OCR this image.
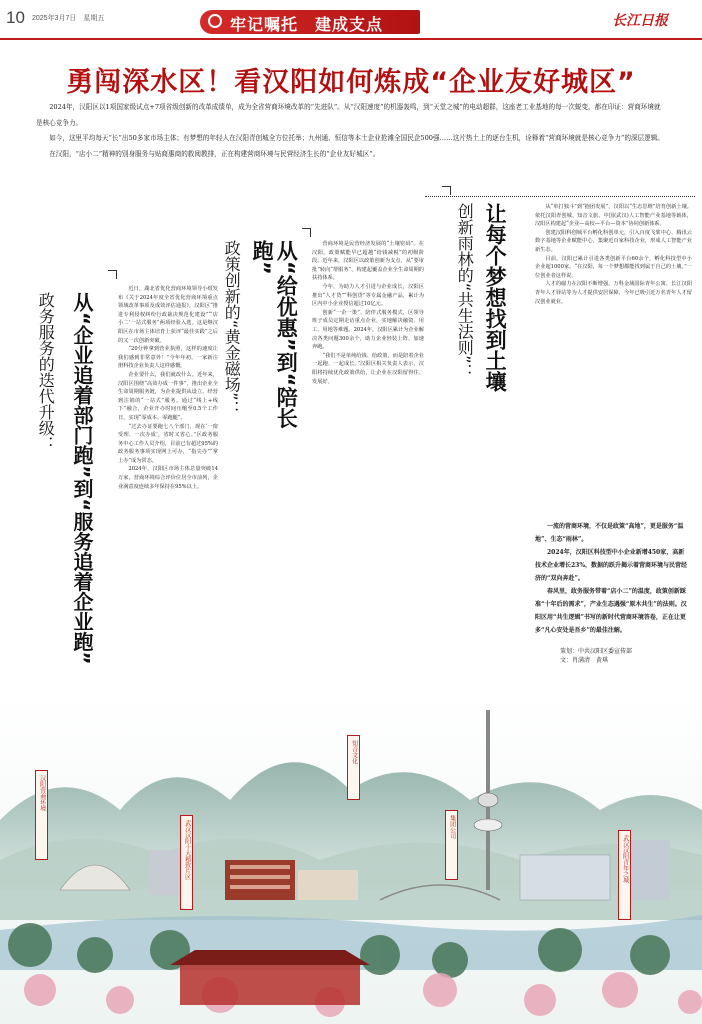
10 2025年3月7日　星期五	牢记嘱托　建成支点	长江日报
勇闯深水区！看汉阳如何炼成“企业友好城区”

2024年，汉阳区以1项国家级试点+7项省级创新的改革成绩单，成为全省营商环境改革的“先进队”。从“汉阳速度”的机器轰鸣，到“天堂之城”的电动超群，这座老工业基地的每一次蜕变，都在印证：营商环境就是核心竞争力。

如今，这里平均每天“长”出50多家市场主体；有梦想的年轻人在汉阳青创城全方位托举；九州通、恒信等本土企业抢滩全国民企500强……这片热土上的逐台生机，诠释着“营商环境就是核心竞争力”的深层逻辑。

在汉阳，“店小二”精神的别身服务与贴商惠商的救阅教排，正在构建营商环境与民营经济生长的“企业友好城区”。

让每个梦想找到土壤
创新雨林的“共生法则”：	从“单打独斗”到“抱团发展”，汉阳以“生态思维”培育创新土壤。依托汉阳青创城、知音文旅、中国(武汉)人工智能产业基地等载体，汉阳区构建起“企业—高校—平台—资本”协同创新体系。

创建汉阳科创城平台孵化科创单元，引入百度飞桨中心、腾讯云数字基地等企业赋能中心，集聚近百家科技企业，形成人工智能产业新生态。

目前，汉阳已累计引进各类创新平台60余个，孵化科技型中小企业超1000家。“在汉阳，每一个梦想都能找到属于自己的土壤。”一位创业者这样说。

人才的磁力在汉阳不断增强。万科金域国际青年公寓、长江汉阳青年人才驿站等为人才提供安居保障，今年已吸引近万名青年人才留汉创业就业。

一流的营商环境，不仅是政策“高地”，更是服务“温地”、生态“雨林”。

2024年，汉阳区科技型中小企业新增450家，高新技术企业增长23%，数据的跃升揭示着营商环境与民营经济的“双向奔赴”。

春风里，政务服务带着“店小二”的温度，政策创新踩准“十年后的需求”，产业生态遇强“原木共生”的法则。汉阳区用“共生逻辑”书写的新时代营商环境答卷，正在让更多“凡心安处是吾乡”的最佳注解。

策划：中共汉阳区委宣传部
文：肖满清　黄琪
从“给优惠”到“陪长跑”
政策创新的“黄金磁场”：	营商环境是民营经济发展的“土壤密码”。在汉阳，政策赋能早已超越“给钱减税”的初级阶段。近年来，汉阳区以政策创新为支点，从“要审批”转向“帮服务”，构建起覆盖企业全生命周期的扶持体系。

今年，为助力人才引进与企业成长，汉阳区推出“人才贷”“科创贷”等专属金融产品，累计为区内中小企业授信超过10亿元。

创新“一企一策”、陪伴式服务模式，区领导班子成员定期走访重点企业，实地解决融资、用工、用地等难题。2024年，汉阳区累计为企业解决各类问题300余个，助力企业轻装上阵、加速奔跑。

“我们不是单纯给钱、给政策，而是陪着企业一起跑、一起成长。”汉阳区相关负责人表示，汉阳将持续优化政策供给，让企业在汉阳留得住、发展好。

从“企业追着部门跑”到“服务追着企业跑”
政务服务的迭代升级：

近日，湖北省优化营商环境领导小组发布《关于2024年度全省优化营商环境重点领域改革事项及成效评估通报》，汉阳区“推进专利侵权纠纷行政裁决规范化建设”“‘店小二’一站式服务”两项经验入选。这是继汉阳区在市场主体培育上获评“最佳实践”之后的又一次创新突破。

“20分钟拿到营业执照，这样的速度让我们感到非常意外！”今年年初，一家新注册科技企业负责人这样感慨。

企业要什么，我们就改什么。近年来，汉阳区围绕“高效办成一件事”，推出企业全生命周期服务链，为企业提供从设立、经营到注销的“一站式”服务。通过“线上+线下”融合，企业开办时间压缩至0.5个工作日，实现“零成本、零跑腿”。

“过去办证要跑七八个部门，现在‘一窗受理、一次办成’，省时又省心。”区政务服务中心工作人员介绍，目前已有超过95%的政务服务事项实现网上可办，“指尖办”“掌上办”成为常态。

2024年，汉阳区市场主体总量突破14万家，营商环境综合评价位居全市前列，企业满意度连续多年保持在95%以上。

汉阳营商环境
武汉汉阳十大精致片区
知音文化
集团公司
武汉汉阳青年之城
